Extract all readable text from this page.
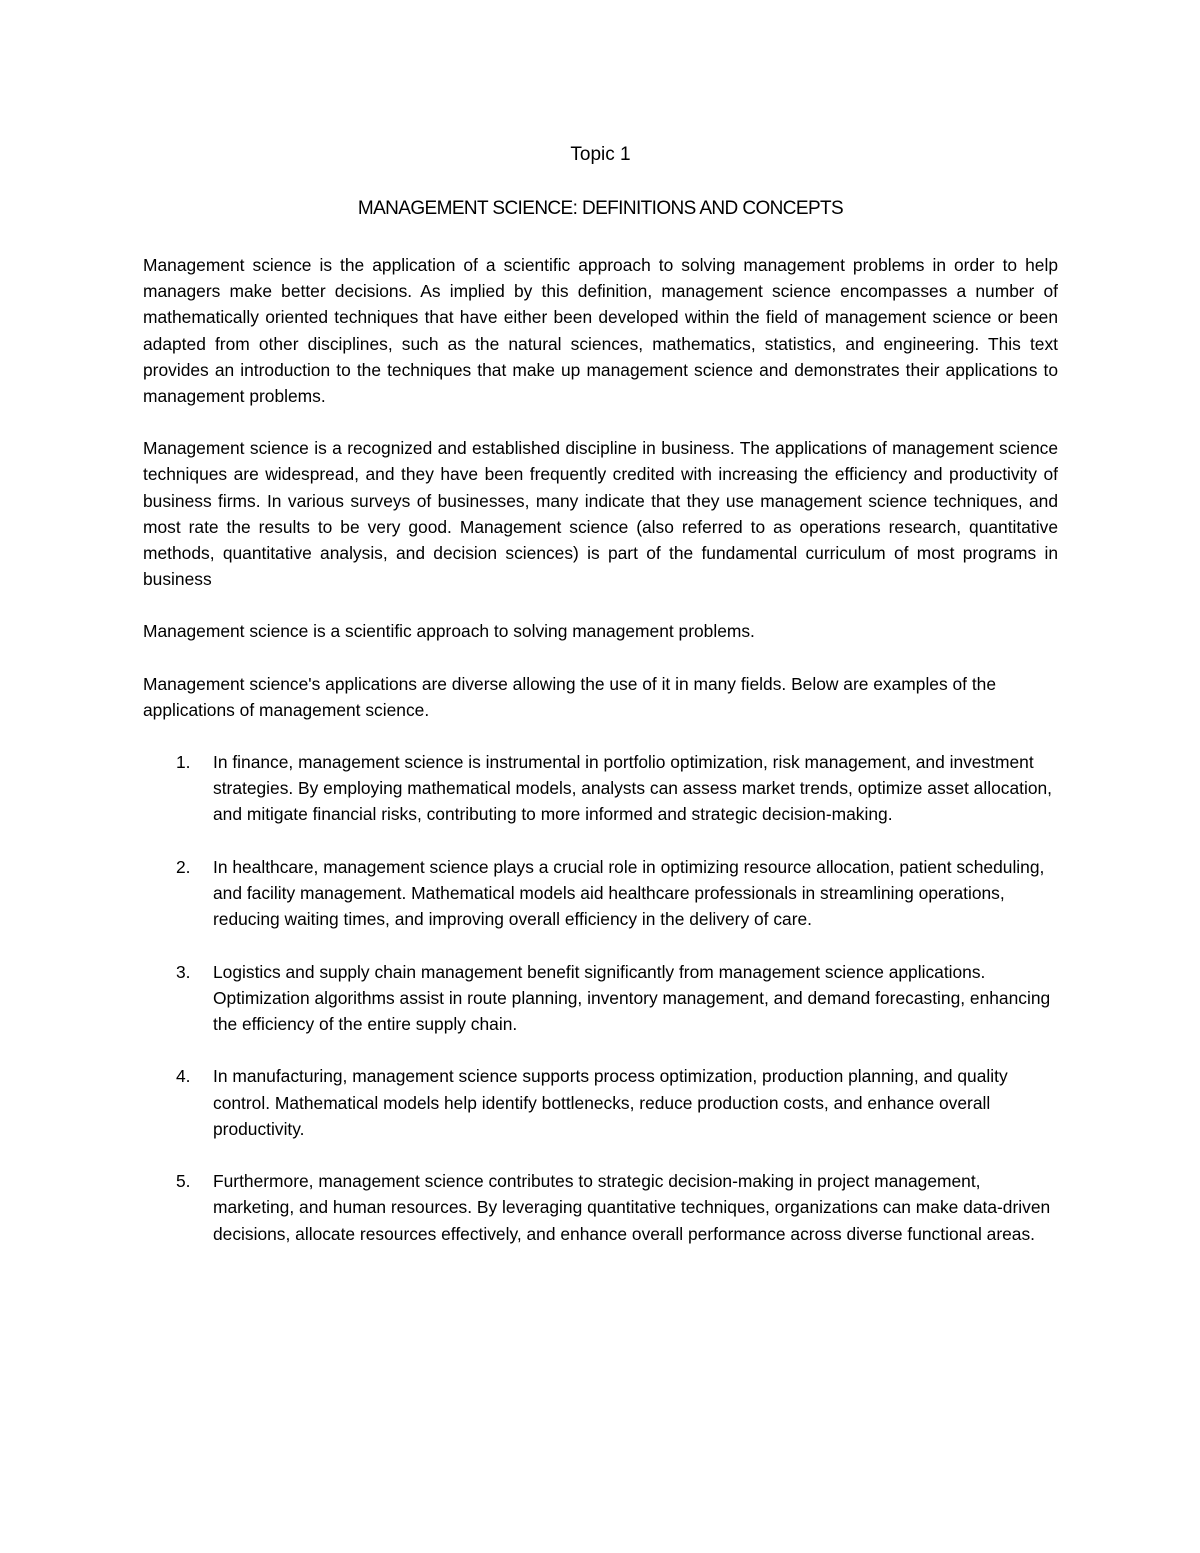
Topic 1
MANAGEMENT SCIENCE: DEFINITIONS AND CONCEPTS

Management science is the application of a scientific approach to solving management problems in order to help managers make better decisions. As implied by this definition, management science encompasses a number of mathematically oriented techniques that have either been developed within the field of management science or been adapted from other disciplines, such as the natural sciences, mathematics, statistics, and engineering. This text provides an introduction to the techniques that make up management science and demonstrates their applications to management problems.

Management science is a recognized and established discipline in business. The applications of management science techniques are widespread, and they have been frequently credited with increasing the efficiency and productivity of business firms. In various surveys of businesses, many indicate that they use management science techniques, and most rate the results to be very good. Management science (also referred to as operations research, quantitative methods, quantitative analysis, and decision sciences) is part of the fundamental curriculum of most programs in business

Management science is a scientific approach to solving management problems.

Management science's applications are diverse allowing the use of it in many fields. Below are examples of the applications of management science.

1. In finance, management science is instrumental in portfolio optimization, risk management, and investment strategies. By employing mathematical models, analysts can assess market trends, optimize asset allocation, and mitigate financial risks, contributing to more informed and strategic decision-making.
2. In healthcare, management science plays a crucial role in optimizing resource allocation, patient scheduling, and facility management. Mathematical models aid healthcare professionals in streamlining operations, reducing waiting times, and improving overall efficiency in the delivery of care.
3. Logistics and supply chain management benefit significantly from management science applications. Optimization algorithms assist in route planning, inventory management, and demand forecasting, enhancing the efficiency of the entire supply chain.
4. In manufacturing, management science supports process optimization, production planning, and quality control. Mathematical models help identify bottlenecks, reduce production costs, and enhance overall productivity.
5. Furthermore, management science contributes to strategic decision-making in project management, marketing, and human resources. By leveraging quantitative techniques, organizations can make data-driven decisions, allocate resources effectively, and enhance overall performance across diverse functional areas.
